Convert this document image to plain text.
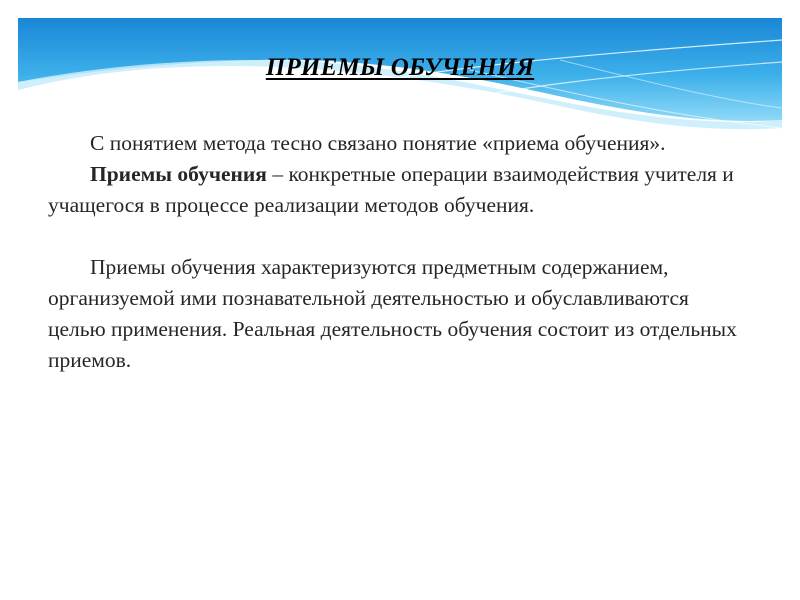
ПРИЕМЫ ОБУЧЕНИЯ

С понятием метода тесно связано понятие «приема обучения».

Приемы обучения – конкретные операции взаимодействия учителя и учащегося в процессе реализации методов обучения.

Приемы обучения характеризуются предметным содержанием, организуемой ими познавательной деятельностью и обуславливаются целью применения. Реальная деятельность обучения состоит из отдельных приемов.
